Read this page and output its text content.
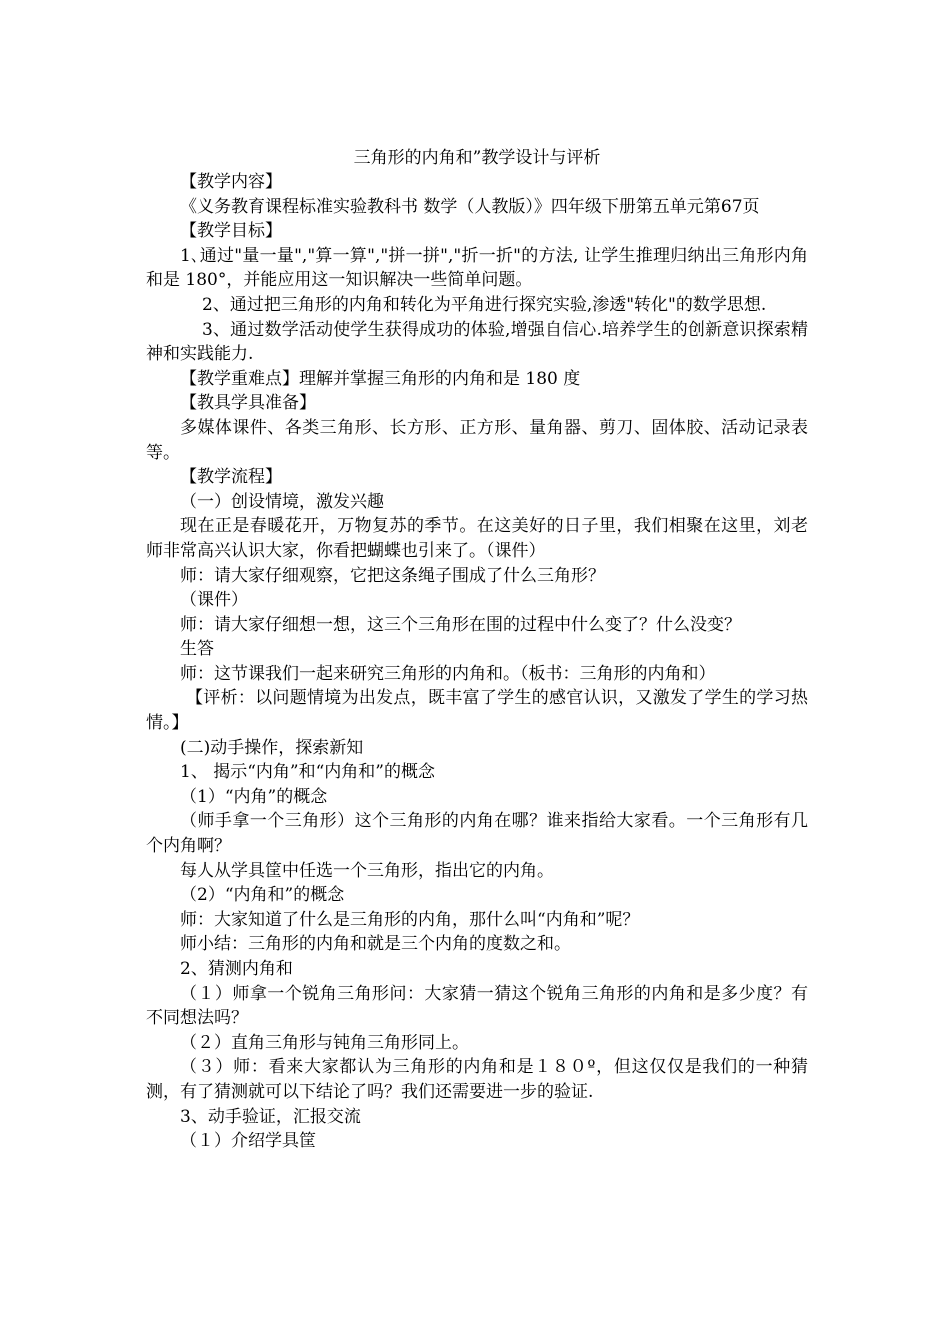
三角形的内角和”教学设计与评析

【教学内容】

《义务教育课程标准实验教科书 数学（人教版）》四年级下册第五单元第67页

【教学目标】

1､通过"量一量","算一算","拼一拼","折一折"的方法, 让学生推理归纳出三角形内角和是 180°，并能应用这一知识解决一些简单问题。

2、通过把三角形的内角和转化为平角进行探究实验,渗透"转化"的数学思想.

3、通过数学活动使学生获得成功的体验,增强自信心.培养学生的创新意识探索精神和实践能力.

【教学重难点】理解并掌握三角形的内角和是 180 度

【教具学具准备】

多媒体课件、各类三角形、长方形、正方形、量角器、剪刀、固体胶、活动记录表等。

【教学流程】

（一）创设情境，激发兴趣

现在正是春暖花开，万物复苏的季节。在这美好的日子里，我们相聚在这里，刘老师非常高兴认识大家，你看把蝴蝶也引来了。（课件）

师：请大家仔细观察，它把这条绳子围成了什么三角形？

（课件）

师：请大家仔细想一想，这三个三角形在围的过程中什么变了？什么没变？

生答

师：这节课我们一起来研究三角形的内角和。（板书：三角形的内角和）

【评析：以问题情境为出发点，既丰富了学生的感官认识，又激发了学生的学习热情。】

(二)动手操作，探索新知

1、 揭示“内角”和“内角和”的概念

（1）“内角”的概念

（师手拿一个三角形）这个三角形的内角在哪？谁来指给大家看。一个三角形有几个内角啊？

每人从学具筐中任选一个三角形，指出它的内角。

（2）“内角和”的概念

师：大家知道了什么是三角形的内角，那什么叫“内角和”呢？

师小结：三角形的内角和就是三个内角的度数之和。

2、猜测内角和

（１）师拿一个锐角三角形问：大家猜一猜这个锐角三角形的内角和是多少度？有不同想法吗？

（２）直角三角形与钝角三角形同上。

（３）师：看来大家都认为三角形的内角和是１８０º，但这仅仅是我们的一种猜测，有了猜测就可以下结论了吗？我们还需要进一步的验证.

3、动手验证，汇报交流

（１）介绍学具筐
